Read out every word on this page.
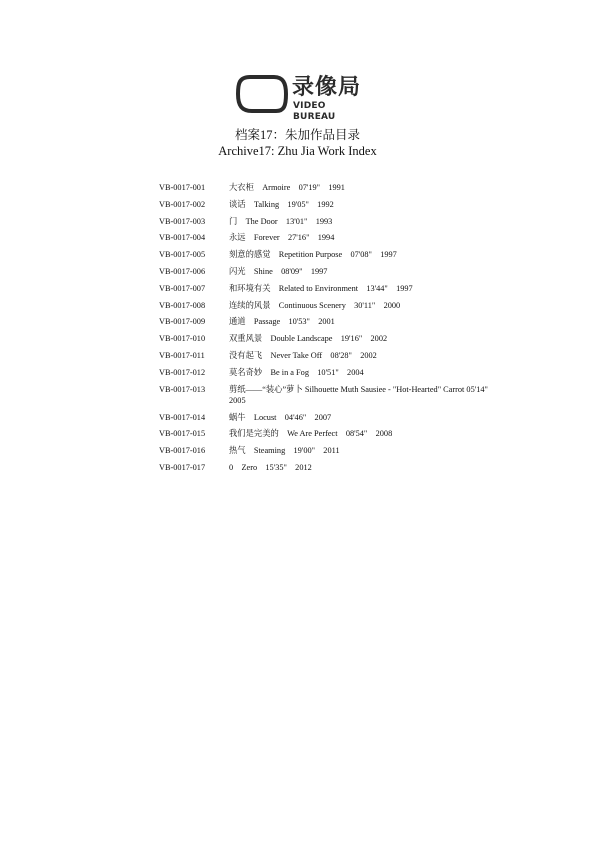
录像局
VIDEO BUREAU
档案17：朱加作品目录
Archive17: Zhu Jia Work Index
VB-0017-001	大衣柜　Armoire　07'19"　1991
VB-0017-002	谈话　Talking　19'05"　1992
VB-0017-003	门　The Door　13'01"　1993
VB-0017-004	永远　Forever　27'16"　1994
VB-0017-005	刻意的感觉　Repetition Purpose　07'08"　1997
VB-0017-006	闪光　Shine　08'09"　1997
VB-0017-007	和环境有关　Related to Environment　13'44"　1997
VB-0017-008	连续的风景　Continuous Scenery　30'11"　2000
VB-0017-009	通道　Passage　10'53"　2001
VB-0017-010	双重风景　Double Landscape　19'16"　2002
VB-0017-011	没有起飞　Never Take Off　08'28"　2002
VB-0017-012	莫名奇妙　Be in a Fog　10'51"　2004
VB-0017-013	剪纸——“装心”萝卜 Silhouette Muth Sausiee - "Hot-Hearted" Carrot 05'14"　2005
VB-0017-014	蜗牛　Locust　04'46"　2007
VB-0017-015	我们是完美的　We Are Perfect　08'54"　2008
VB-0017-016	热气　Steaming　19'00"　2011
VB-0017-017	0　Zero　15'35"　2012
